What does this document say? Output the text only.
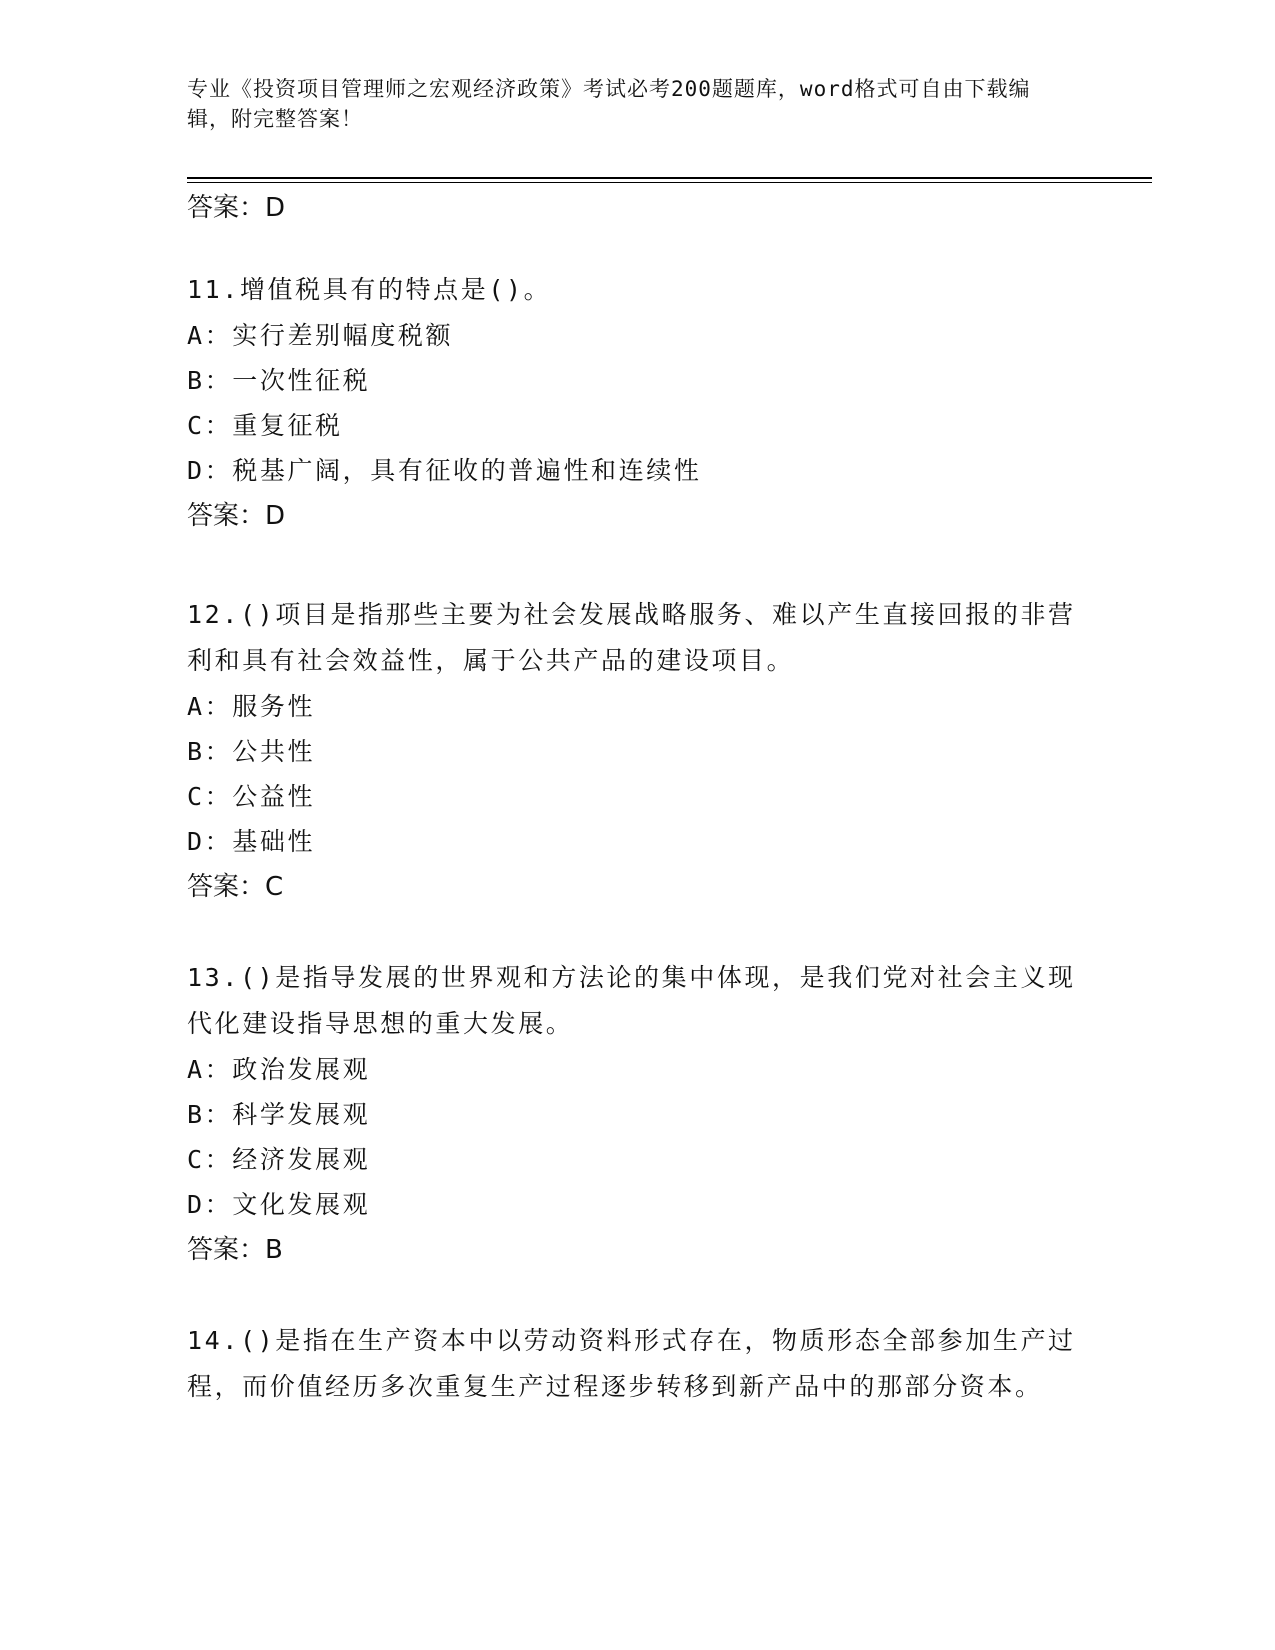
专业《投资项目管理师之宏观经济政策》考试必考200题题库，word格式可自由下载编辑，附完整答案！
答案：D
11.增值税具有的特点是()。
A：实行差别幅度税额
B：一次性征税
C：重复征税
D：税基广阔，具有征收的普遍性和连续性
答案：D
12.()项目是指那些主要为社会发展战略服务、难以产生直接回报的非营利和具有社会效益性，属于公共产品的建设项目。
A：服务性
B：公共性
C：公益性
D：基础性
答案：C
13.()是指导发展的世界观和方法论的集中体现，是我们党对社会主义现代化建设指导思想的重大发展。
A：政治发展观
B：科学发展观
C：经济发展观
D：文化发展观
答案：B
14.()是指在生产资本中以劳动资料形式存在，物质形态全部参加生产过程，而价值经历多次重复生产过程逐步转移到新产品中的那部分资本。
